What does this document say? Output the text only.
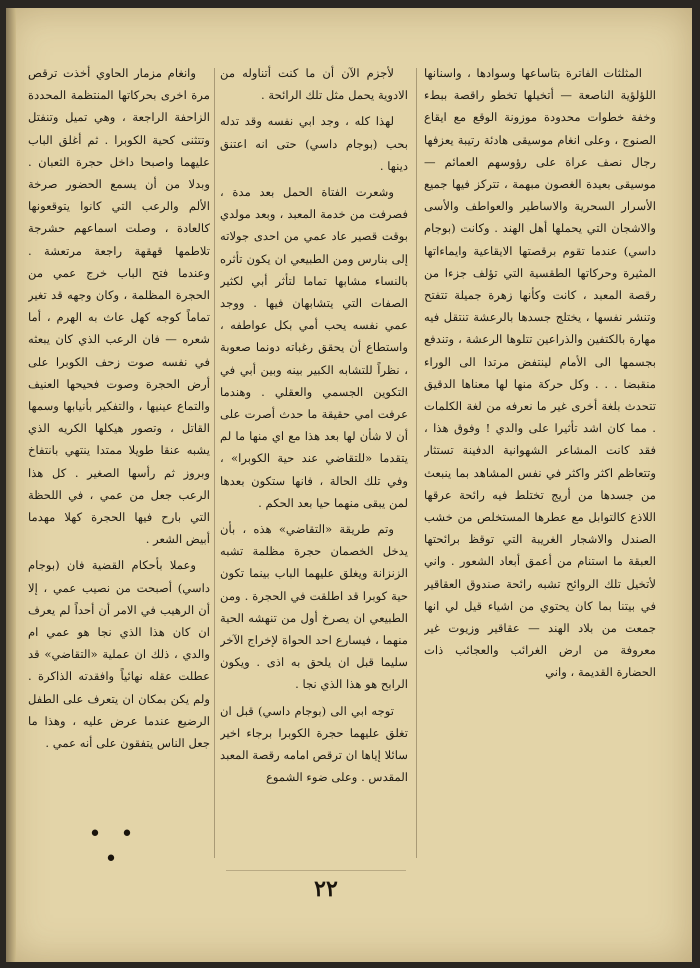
المثلثات الفاترة بتاساعها وسوادها ، واسنانها اللؤلؤية الناصعة — أتخيلها تخطو راقصة ببطء وخفة خطوات محدودة موزونة الوقع مع ايقاع الصنوج ، وعلى انغام موسيقى هادئة رتيبة يعزفها رجال نصف عراة على رؤوسهم العمائم — موسيقى بعيدة الغصون مبهمة ، تتركز فيها جميع الأسرار السحرية والاساطير والعواطف والأسى والاشجان التي يحملها أهل الهند . وكانت (بوجام داسي) عندما تقوم برقصتها الايقاعية وايماءاتها المثيرة وحركاتها الطقسية التي تؤلف جزءا من رقصة المعبد ، كانت وكأنها زهرة جميلة تتفتح وتنشر نفسها ، يختلج جسدها بالرعشة تنتقل فيه مهارة بالكتفين والذراعين تتلوها الرعشة ، وتندفع بجسمها الى الأمام لينتفض مرتدا الى الوراء منقبضا . . . وكل حركة منها لها معناها الدقيق تتحدث بلغة أخرى غير ما نعرفه من لغة الكلمات . مما كان اشد تأثيرا على والدي ! وفوق هذا ، فقد كانت المشاعر الشهوانية الدفينة تستثار وتتعاظم اكثر واكثر في نفس المشاهد بما ينبعث من جسدها من أريج تختلط فيه رائحة عرقها اللاذع كالتوابل مع عطرها المستخلص من خشب الصندل والاشجار الغريبة التي توقظ برائحتها العبقة ما استنام من أعمق أبعاد الشعور . واني لأتخيل تلك الروائح تشبه رائحة صندوق العقاقير في بيتنا بما كان يحتوي من اشياء قيل لي انها جمعت من بلاد الهند — عقاقير وزيوت غير معروفة من ارض الغرائب والعجائب ذات الحضارة القديمة ، واني

لأجزم الآن أن ما كنت أتناوله من الادوية يحمل مثل تلك الرائحة .

لهذا كله ، وجد ابي نفسه وقد تدله بحب (بوجام داسي) حتى انه اعتنق دينها .

وشعرت الفتاة الحمل بعد مدة ، فصرفت من خدمة المعبد ، وبعد مولدي بوقت قصير عاد عمي من احدى جولاته إلى بنارس ومن الطبيعي ان يكون تأثره بالنساء مشابها تماما لتأثر أبي لكثير الصفات التي يتشابهان فيها . ووجد عمي نفسه يحب أمي بكل عواطفه ، واستطاع أن يحقق رغباته دونما صعوبة ، نظراً للتشابه الكبير بينه وبين أبي في التكوين الجسمي والعقلي . وهندما عرفت امي حقيقة ما حدث أصرت على أن لا شأن لها بعد هذا مع اي منها ما لم يتقدما «للتقاضي عند حية الكوبرا» ، وفي تلك الحالة ، فانها ستكون بعدها لمن يبقى منهما حيا بعد الحكم .

وتم طريقة «التقاضي» هذه ، بأن يدخل الخصمان حجرة مظلمة تشبه الزنزانة ويغلق عليهما الباب بينما تكون حية كوبرا قد اطلقت في الحجرة . ومن الطبيعي ان يصرخ أول من تنهشه الحية منهما ، فيسارع احد الحواة لإخراج الآخر سليما قبل ان يلحق به اذى . ويكون الرابح هو هذا الذي نجا .

توجه ابي الى (بوجام داسي) قبل ان تغلق عليهما حجرة الكوبرا برجاء اخير سائلا إياها ان ترقص امامه رقصة المعبد المقدس . وعلى ضوء الشموع

وانغام مزمار الحاوي أخذت ترقص مرة اخرى بحركاتها المنتظمة المحددة الزاحفة الراجعة ، وهي تميل وتنفتل وتتثنى كحية الكوبرا . ثم أغلق الباب عليهما واصبحا داخل حجرة الثعبان . وبدلا من أن يسمع الحضور صرخة الألم والرعب التي كانوا يتوقعونها كالعادة ، وصلت اسماعهم حشرجة تلاطمها قهقهة راجعة مرتعشة . وعندما فتح الباب خرج عمي من الحجرة المظلمة ، وكان وجهه قد تغير تماماً كوجه كهل عاث به الهرم ، أما شعره — فان الرعب الذي كان يبعثه في نفسه صوت زحف الكوبرا على أرض الحجرة وصوت فحيحها العنيف والتماع عينيها ، والتفكير بأنيابها وسمها القاتل ، وتصور هيكلها الكريه الذي يشبه عنقا طويلا ممتدا ينتهي بانتفاخ وبروز ثم رأسها الصغير . كل هذا الرعب جعل من عمي ، في اللحظة التي بارح فيها الحجرة كهلا مهدما أبيض الشعر .

وعملا بأحكام القضية فان (بوجام داسي) أصبحت من نصيب عمي ، إلا أن الرهيب في الامر أن أحداً لم يعرف ان كان هذا الذي نجا هو عمي ام والدي ، ذلك ان عملية «التقاضي» قد عطلت عقله نهائياً وافقدته الذاكرة . ولم يكن بمكان ان يتعرف على الطفل الرضيع عندما عرض عليه ، وهذا ما جعل الناس يتفقون على أنه عمي .

• • •
٢٢
